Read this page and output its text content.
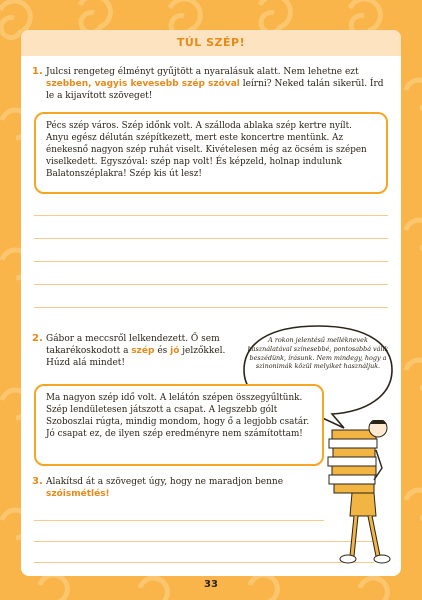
TÚL SZÉP!
1. Julcsi rengeteg élményt gyűjtött a nyaralásuk alatt. Nem lehetne ezt szebben, vagyis kevesebb szép szóval leírni? Neked talán sikerül. Írd le a kijavított szöveget!
Pécs szép város. Szép időnk volt. A szálloda ablaka szép kertre nyílt. Anyu egész délután szépítkezett, mert este koncertre mentünk. Az énekesnő nagyon szép ruhát viselt. Kivételesen még az öcsém is szépen viselkedett. Egyszóval: szép nap volt! És képzeld, holnap indulunk Balatonszéplakra! Szép kis út lesz!
2. Gábor a meccsről lelkendezett. Ő sem takarékoskodott a szép és jó jelzőkkel. Húzd alá mindet!
A rokon jelentésű melléknevek használatával színesebbé, pontosabbá válik beszédünk, írásunk. Nem mindegy, hogy a szinonimák közül melyiket használjuk.
Ma nagyon szép idő volt. A lelátón szépen összegyűltünk. Szép lendületesen játszott a csapat. A legszebb gólt Szoboszlai rúgta, mindig mondom, hogy ő a legjobb csatár. Jó csapat ez, de ilyen szép eredményre nem számítottam!
3. Alakítsd át a szöveget úgy, hogy ne maradjon benne szóismétlés!
33
